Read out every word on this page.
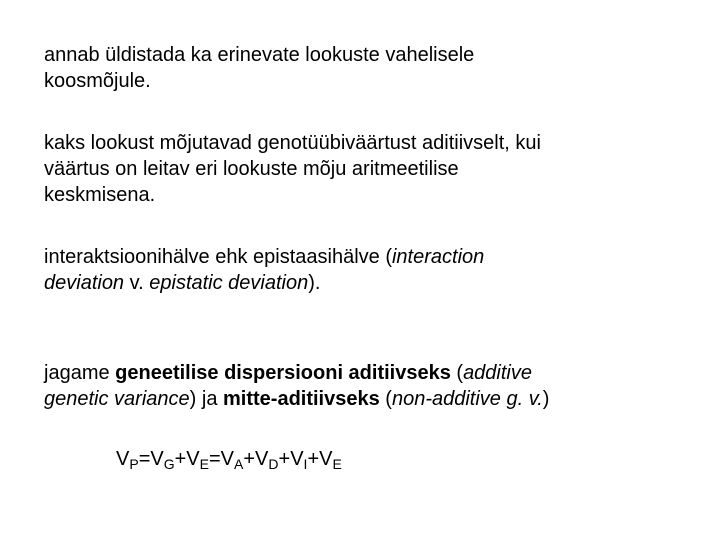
annab üldistada ka erinevate lookuste vahelisele
koosmõjule.

kaks lookust mõjutavad genotüübiväärtust aditiivselt, kui
väärtus on leitav eri lookuste mõju aritmeetilise
keskmisena.

interaktsioonihälve ehk epistaasihälve (interaction
deviation v. epistatic deviation).

jagame geneetilise dispersiooni aditiivseks (additive
genetic variance) ja mitte-aditiivseks (non-additive g. v.)

$V_P=V_G+V_E=V_A+V_D+V_I+V_E$
